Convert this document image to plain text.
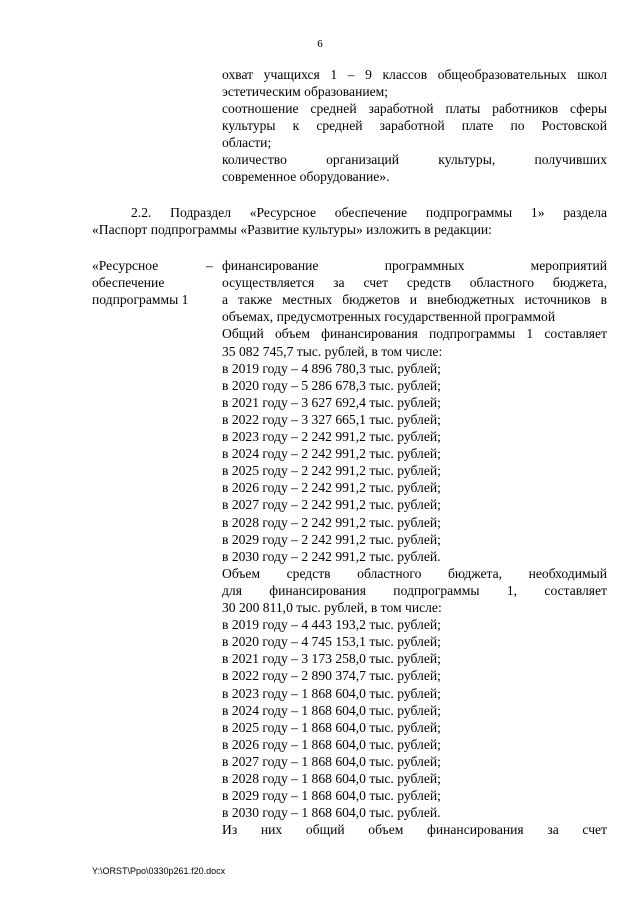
6
охват учащихся 1 – 9 классов общеобразовательных школ
эстетическим образованием;
соотношение средней заработной платы работников сферы
культуры к средней заработной плате по Ростовской
области;
количество организаций культуры, получивших
современное оборудование».
2.2. Подраздел «Ресурсное обеспечение подпрограммы 1» раздела
«Паспорт подпрограммы «Развитие культуры» изложить в редакции:
«Ресурсное
обеспечение
подпрограммы 1
– финансирование программных мероприятий
осуществляется за счет средств областного бюджета,
а также местных бюджетов и внебюджетных источников в
объемах, предусмотренных государственной программой
Общий объем финансирования подпрограммы 1 составляет
35 082 745,7 тыс. рублей, в том числе:
в 2019 году – 4 896 780,3 тыс. рублей;
в 2020 году – 5 286 678,3 тыс. рублей;
в 2021 году – 3 627 692,4 тыс. рублей;
в 2022 году – 3 327 665,1 тыс. рублей;
в 2023 году – 2 242 991,2 тыс. рублей;
в 2024 году – 2 242 991,2 тыс. рублей;
в 2025 году – 2 242 991,2 тыс. рублей;
в 2026 году – 2 242 991,2 тыс. рублей;
в 2027 году – 2 242 991,2 тыс. рублей;
в 2028 году – 2 242 991,2 тыс. рублей;
в 2029 году – 2 242 991,2 тыс. рублей;
в 2030 году – 2 242 991,2 тыс. рублей.
Объем средств областного бюджета, необходимый
для финансирования подпрограммы 1, составляет
30 200 811,0 тыс. рублей, в том числе:
в 2019 году – 4 443 193,2 тыс. рублей;
в 2020 году – 4 745 153,1 тыс. рублей;
в 2021 году – 3 173 258,0 тыс. рублей;
в 2022 году – 2 890 374,7 тыс. рублей;
в 2023 году – 1 868 604,0 тыс. рублей;
в 2024 году – 1 868 604,0 тыс. рублей;
в 2025 году – 1 868 604,0 тыс. рублей;
в 2026 году – 1 868 604,0 тыс. рублей;
в 2027 году – 1 868 604,0 тыс. рублей;
в 2028 году – 1 868 604,0 тыс. рублей;
в 2029 году – 1 868 604,0 тыс. рублей;
в 2030 году – 1 868 604,0 тыс. рублей.
Из них общий объем финансирования за счет
Y:\ORST\Ppo\0330p261.f20.docx
